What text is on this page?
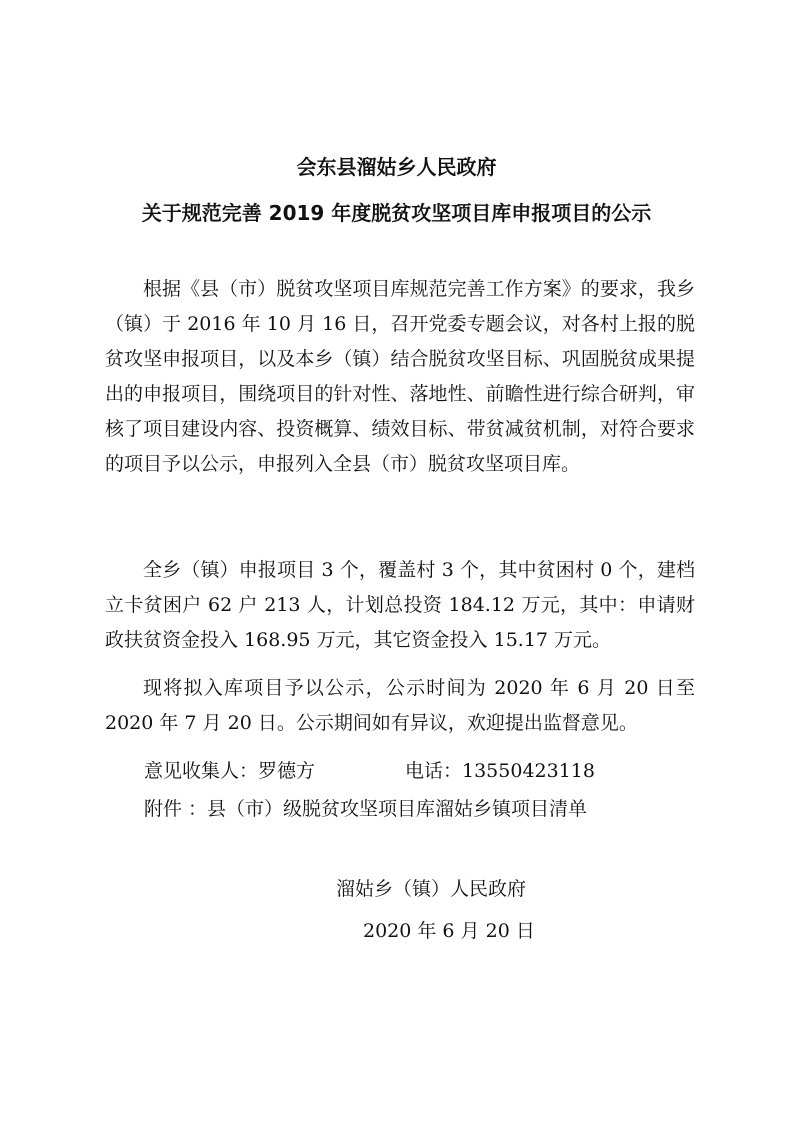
会东县溜姑乡人民政府
关于规范完善 2019 年度脱贫攻坚项目库申报项目的公示

根据《县（市）脱贫攻坚项目库规范完善工作方案》的要求，我乡（镇）于 2016 年 10 月 16 日，召开党委专题会议，对各村上报的脱贫攻坚申报项目，以及本乡（镇）结合脱贫攻坚目标、巩固脱贫成果提出的申报项目，围绕项目的针对性、落地性、前瞻性进行综合研判，审核了项目建设内容、投资概算、绩效目标、带贫减贫机制，对符合要求的项目予以公示，申报列入全县（市）脱贫攻坚项目库。

全乡（镇）申报项目 3 个，覆盖村 3 个，其中贫困村 0 个，建档立卡贫困户 62 户 213 人，计划总投资 184.12 万元，其中：申请财政扶贫资金投入 168.95 万元，其它资金投入 15.17 万元。

现将拟入库项目予以公示，公示时间为 2020 年 6 月 20 日至 2020 年 7 月 20 日。公示期间如有异议，欢迎提出监督意见。

意见收集人：罗德方	电话：13550423118
附件 ：县（市）级脱贫攻坚项目库溜姑乡镇项目清单
溜姑乡（镇）人民政府
2020 年 6 月 20 日
